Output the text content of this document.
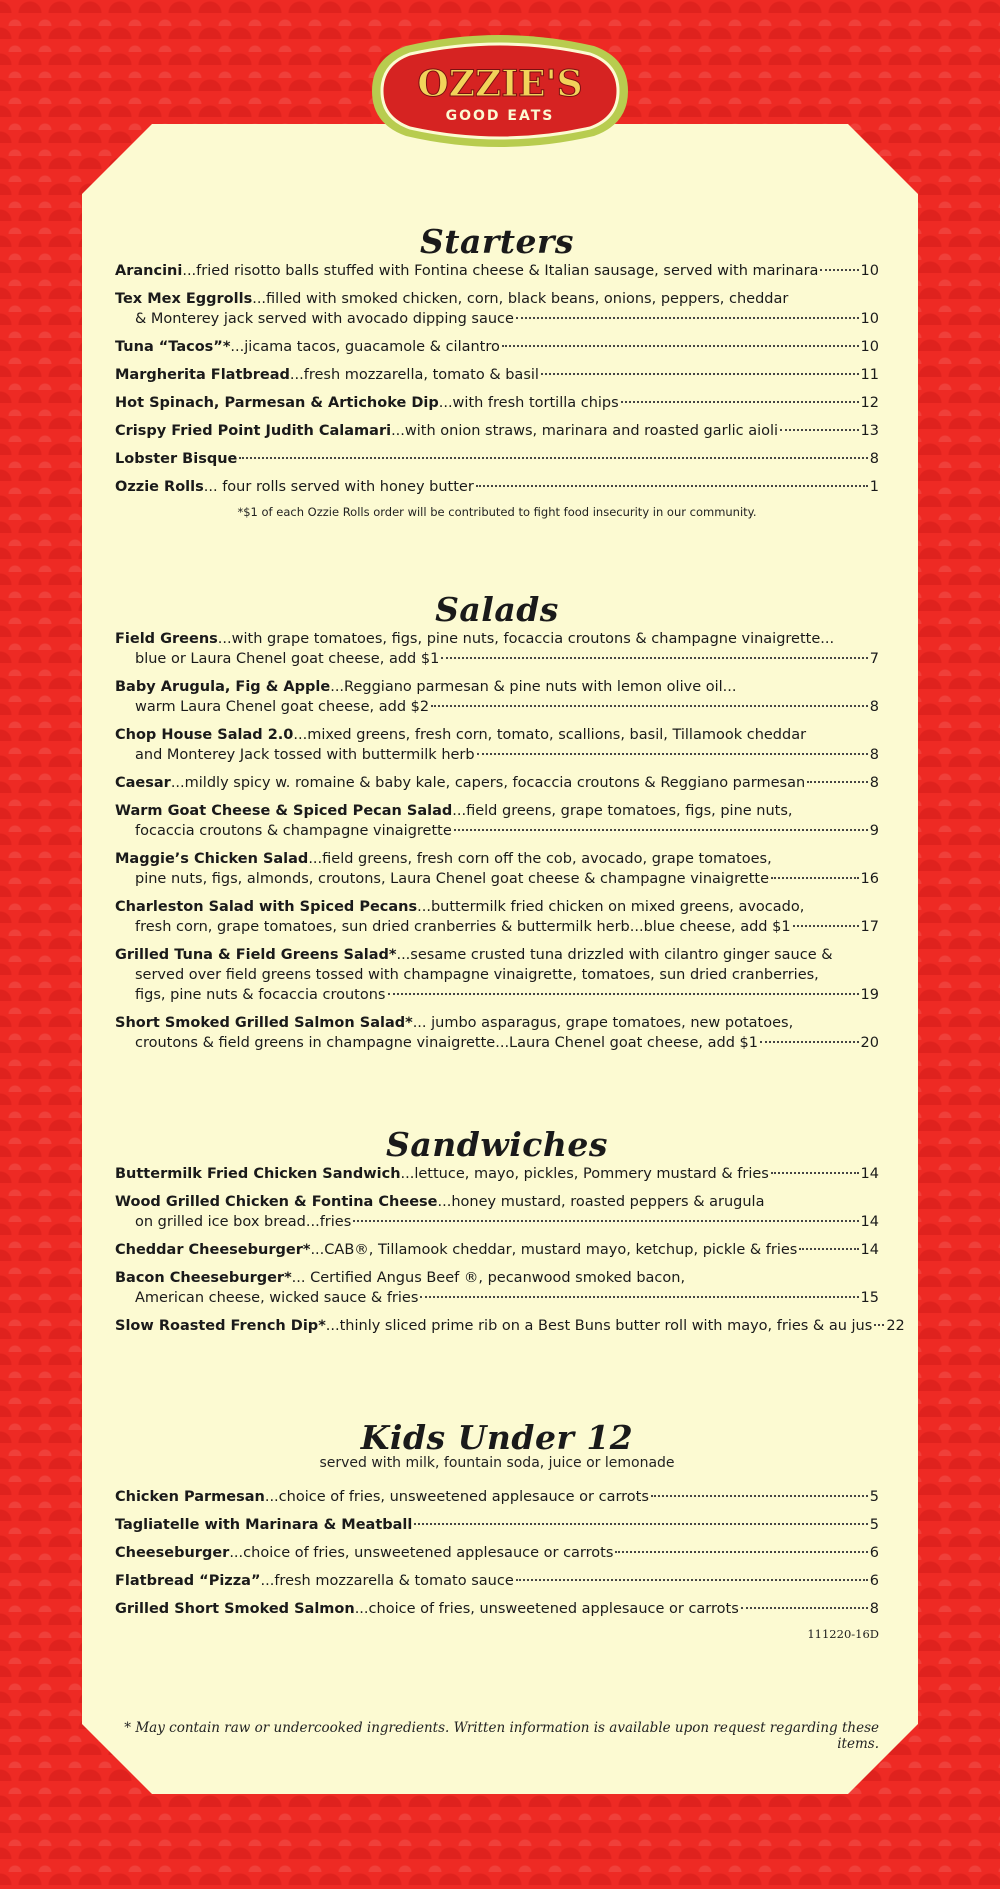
OZZIE'S
GOOD EATS
Starters
Arancini ...fried risotto balls stuffed with Fontina cheese & Italian sausage, served with marinara	10
Tex Mex Eggrolls ...filled with smoked chicken, corn, black beans, onions, peppers, cheddar
& Monterey jack served with avocado dipping sauce	10
Tuna “Tacos”* ...jicama tacos, guacamole & cilantro	10
Margherita Flatbread ...fresh mozzarella, tomato & basil	11
Hot Spinach, Parmesan & Artichoke Dip ...with fresh tortilla chips	12
Crispy Fried Point Judith Calamari ...with onion straws, marinara and roasted garlic aioli	13
Lobster Bisque	8
Ozzie Rolls ... four rolls served with honey butter	1
*$1 of each Ozzie Rolls order will be contributed to fight food insecurity in our community.
Salads
Field Greens ...with grape tomatoes, figs, pine nuts, focaccia croutons & champagne vinaigrette...
blue or Laura Chenel goat cheese, add $1	7
Baby Arugula, Fig & Apple ...Reggiano parmesan & pine nuts with lemon olive oil...
warm Laura Chenel goat cheese, add $2	8
Chop House Salad 2.0 ...mixed greens, fresh corn, tomato, scallions, basil, Tillamook cheddar
and Monterey Jack tossed with buttermilk herb	8
Caesar ...mildly spicy w. romaine & baby kale, capers, focaccia croutons & Reggiano parmesan	8
Warm Goat Cheese & Spiced Pecan Salad ...field greens, grape tomatoes, figs, pine nuts,
focaccia croutons & champagne vinaigrette	9
Maggie’s Chicken Salad ...field greens, fresh corn off the cob, avocado, grape tomatoes,
pine nuts, figs, almonds, croutons, Laura Chenel goat cheese & champagne vinaigrette	16
Charleston Salad with Spiced Pecans ...buttermilk fried chicken on mixed greens, avocado,
fresh corn, grape tomatoes, sun dried cranberries & buttermilk herb...blue cheese, add $1	17
Grilled Tuna & Field Greens Salad* ...sesame crusted tuna drizzled with cilantro ginger sauce &
served over field greens tossed with champagne vinaigrette, tomatoes, sun dried cranberries,
figs, pine nuts & focaccia croutons	19
Short Smoked Grilled Salmon Salad* ... jumbo asparagus, grape tomatoes, new potatoes,
croutons & field greens in champagne vinaigrette...Laura Chenel goat cheese, add $1	20
Sandwiches
Buttermilk Fried Chicken Sandwich ...lettuce, mayo, pickles, Pommery mustard & fries	14
Wood Grilled Chicken & Fontina Cheese ...honey mustard, roasted peppers & arugula
on grilled ice box bread...fries	14
Cheddar Cheeseburger* ...CAB®, Tillamook cheddar, mustard mayo, ketchup, pickle & fries	14
Bacon Cheeseburger* ... Certified Angus Beef ®, pecanwood smoked bacon,
American cheese, wicked sauce & fries	15
Slow Roasted French Dip* ...thinly sliced prime rib on a Best Buns butter roll with mayo, fries & au jus 22
Kids Under 12
served with milk, fountain soda, juice or lemonade
Chicken Parmesan ...choice of fries, unsweetened applesauce or carrots	5
Tagliatelle with Marinara & Meatball	5
Cheeseburger ...choice of fries, unsweetened applesauce or carrots	6
Flatbread “Pizza” ...fresh mozzarella & tomato sauce	6
Grilled Short Smoked Salmon ...choice of fries, unsweetened applesauce or carrots	8
111220-16D
* May contain raw or undercooked ingredients. Written information is available upon request regarding these items.
